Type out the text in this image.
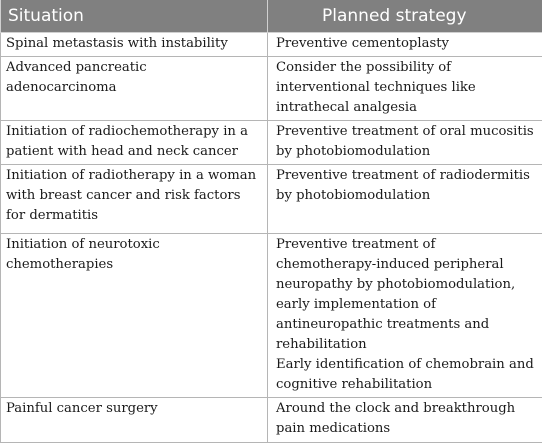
Situation	Planned strategy
Spinal metastasis with instability	Preventive cementoplasty

Advanced pancreatic adenocarcinoma	Consider the possibility of interventional techniques like intrathecal analgesia

Initiation of radiochemotherapy in a patient with head and neck cancer	Preventive treatment of oral mucositis by photobiomodulation

Initiation of radiotherapy in a woman with breast cancer and risk factors for dermatitis	Preventive treatment of radiodermitis by photobiomodulation

Initiation of neurotoxic chemotherapies	Preventive treatment of chemotherapy-induced peripheral neuropathy by photobiomodulation, early implementation of antineuropathic treatments and rehabilitation
Early identification of chemobrain and cognitive rehabilitation

Painful cancer surgery	Around the clock and breakthrough pain medications
